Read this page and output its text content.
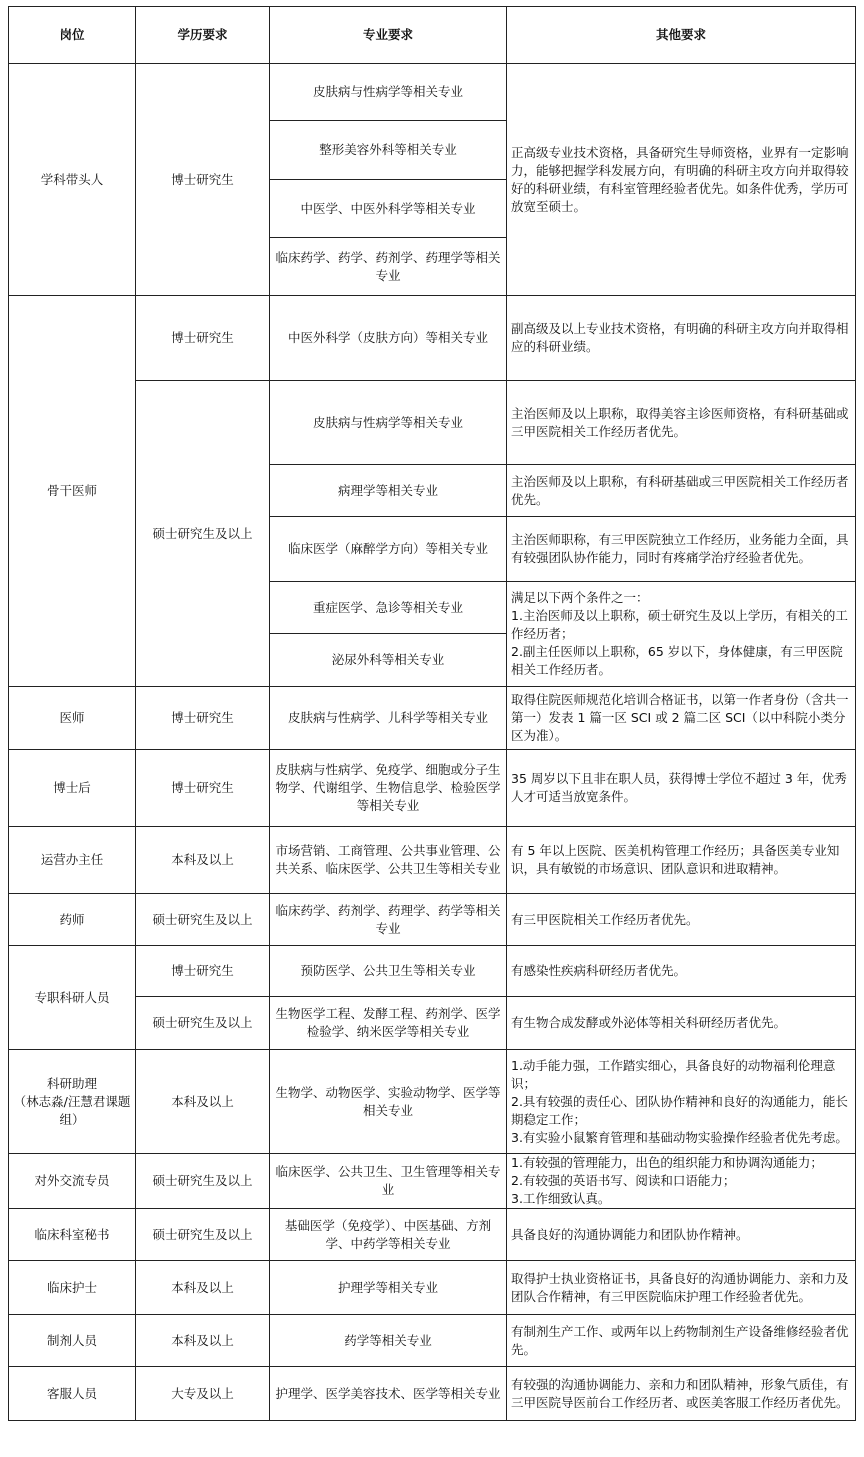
岗位	学历要求	专业要求	其他要求
学科带头人	博士研究生	皮肤病与性病学等相关专业	正高级专业技术资格，具备研究生导师资格，业界有一定影响力，能够把握学科发展方向，有明确的科研主攻方向并取得较好的科研业绩，有科室管理经验者优先。如条件优秀，学历可放宽至硕士。
		整形美容外科等相关专业	
		中医学、中医外科学等相关专业	
		临床药学、药学、药剂学、药理学等相关专业	
骨干医师	博士研究生	中医外科学（皮肤方向）等相关专业	副高级及以上专业技术资格，有明确的科研主攻方向并取得相应的科研业绩。
	硕士研究生及以上	皮肤病与性病学等相关专业	主治医师及以上职称，取得美容主诊医师资格，有科研基础或三甲医院相关工作经历者优先。
		病理学等相关专业	主治医师及以上职称，有科研基础或三甲医院相关工作经历者优先。
		临床医学（麻醉学方向）等相关专业	主治医师职称，有三甲医院独立工作经历，业务能力全面，具有较强团队协作能力，同时有疼痛学治疗经验者优先。
		重症医学、急诊等相关专业	满足以下两个条件之一：
1.主治医师及以上职称，硕士研究生及以上学历，有相关的工作经历者；
2.副主任医师以上职称，65 岁以下，身体健康，有三甲医院相关工作经历者。
		泌尿外科等相关专业	
医师	博士研究生	皮肤病与性病学、儿科学等相关专业	取得住院医师规范化培训合格证书，以第一作者身份（含共一第一）发表 1 篇一区 SCI 或 2 篇二区 SCI（以中科院小类分区为准）。
博士后	博士研究生	皮肤病与性病学、免疫学、细胞或分子生物学、代谢组学、生物信息学、检验医学等相关专业	35 周岁以下且非在职人员，获得博士学位不超过 3 年，优秀人才可适当放宽条件。
运营办主任	本科及以上	市场营销、工商管理、公共事业管理、公共关系、临床医学、公共卫生等相关专业	有 5 年以上医院、医美机构管理工作经历；具备医美专业知识，具有敏锐的市场意识、团队意识和进取精神。
药师	硕士研究生及以上	临床药学、药剂学、药理学、药学等相关专业	有三甲医院相关工作经历者优先。
专职科研人员	博士研究生	预防医学、公共卫生等相关专业	有感染性疾病科研经历者优先。
	硕士研究生及以上	生物医学工程、发酵工程、药剂学、医学检验学、纳米医学等相关专业	有生物合成发酵或外泌体等相关科研经历者优先。
科研助理
（林志淼/汪慧君课题组）	本科及以上	生物学、动物医学、实验动物学、医学等相关专业	1.动手能力强，工作踏实细心，具备良好的动物福利伦理意识；
2.具有较强的责任心、团队协作精神和良好的沟通能力，能长期稳定工作；
3.有实验小鼠繁育管理和基础动物实验操作经验者优先考虑。
对外交流专员	硕士研究生及以上	临床医学、公共卫生、卫生管理等相关专业	1.有较强的管理能力，出色的组织能力和协调沟通能力；
2.有较强的英语书写、阅读和口语能力；
3.工作细致认真。
临床科室秘书	硕士研究生及以上	基础医学（免疫学）、中医基础、方剂学、中药学等相关专业	具备良好的沟通协调能力和团队协作精神。
临床护士	本科及以上	护理学等相关专业	取得护士执业资格证书，具备良好的沟通协调能力、亲和力及团队合作精神，有三甲医院临床护理工作经验者优先。
制剂人员	本科及以上	药学等相关专业	有制剂生产工作、或两年以上药物制剂生产设备维修经验者优先。
客服人员	大专及以上	护理学、医学美容技术、医学等相关专业	有较强的沟通协调能力、亲和力和团队精神，形象气质佳，有三甲医院导医前台工作经历者、或医美客服工作经历者优先。
